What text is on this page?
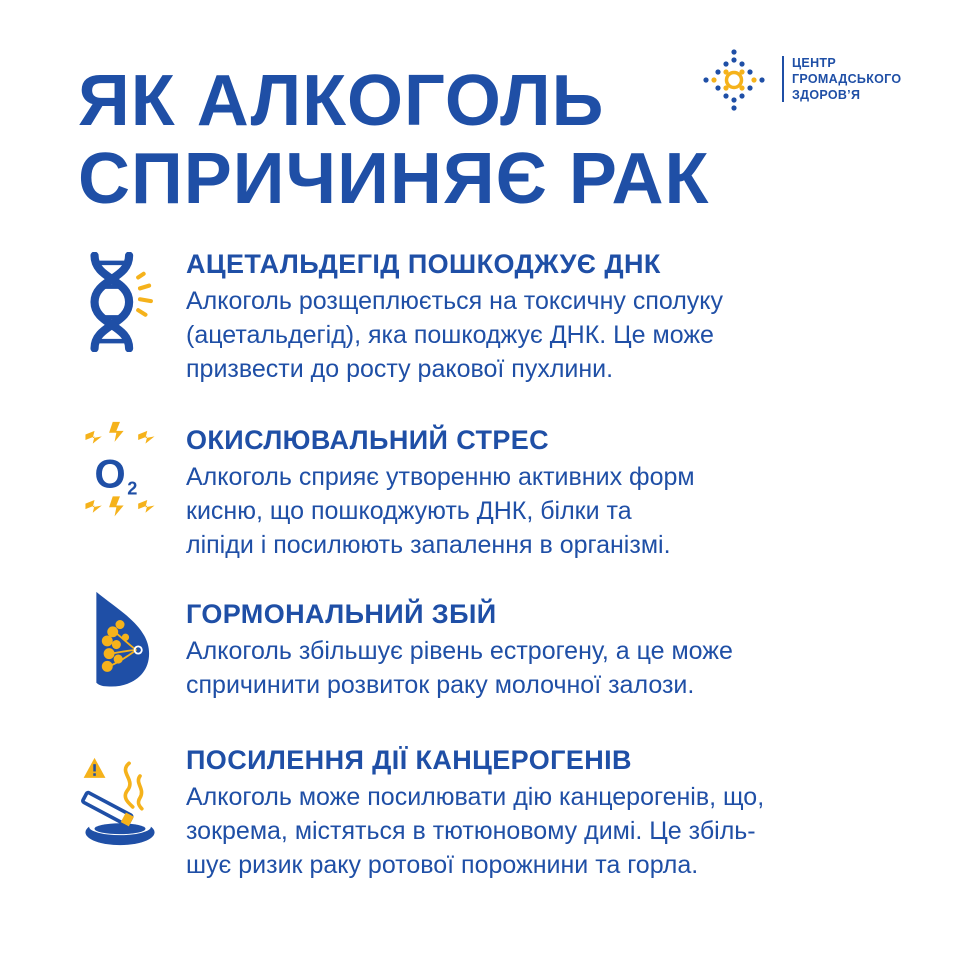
ЯК АЛКОГОЛЬ
СПРИЧИНЯЄ РАК
ЦЕНТР
ГРОМАДСЬКОГО
ЗДОРОВ’Я
АЦЕТАЛЬДЕГІД ПОШКОДЖУЄ ДНК

Алкоголь розщеплюється на токсичну сполуку
(ацетальдегід), яка пошкоджує ДНК. Це може
призвести до росту ракової пухлини.

O 2
ОКИСЛЮВАЛЬНИЙ СТРЕС

Алкоголь сприяє утворенню активних форм
кисню, що пошкоджують ДНК, білки та
ліпіди і посилюють запалення в організмі.

ГОРМОНАЛЬНИЙ ЗБІЙ

Алкоголь збільшує рівень естрогену, а це може
спричинити розвиток раку молочної залози.

ПОСИЛЕННЯ ДІЇ КАНЦЕРОГЕНІВ

Алкоголь може посилювати дію канцерогенів, що,
зокрема, містяться в тютюновому димі. Це збіль-
шує ризик раку ротової порожнини та горла.
